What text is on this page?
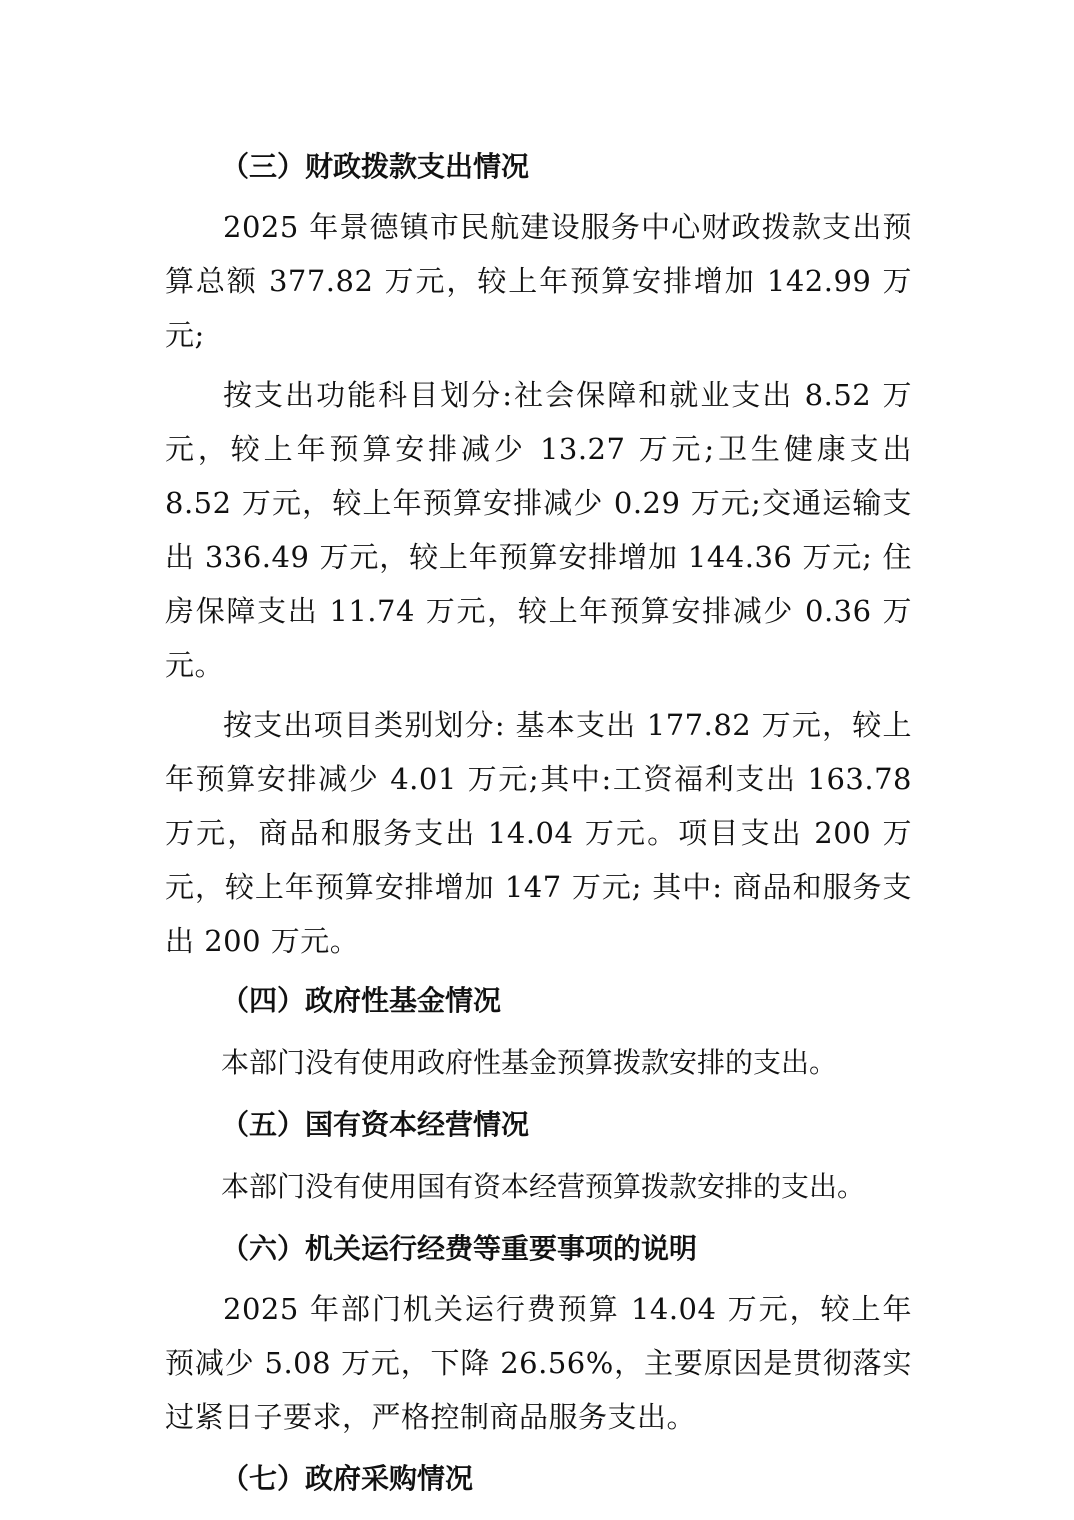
（三）财政拨款支出情况

2025 年景德镇市民航建设服务中心财政拨款支出预算总额 377.82 万元，较上年预算安排增加 142.99 万元;

按支出功能科目划分:社会保障和就业支出 8.52 万元，较上年预算安排减少 13.27 万元;卫生健康支出 8.52 万元，较上年预算安排减少 0.29 万元;交通运输支出 336.49 万元，较上年预算安排增加 144.36 万元; 住房保障支出 11.74 万元，较上年预算安排减少 0.36 万元。

按支出项目类别划分: 基本支出 177.82 万元，较上年预算安排减少 4.01 万元;其中:工资福利支出 163.78 万元，商品和服务支出 14.04 万元。项目支出 200 万元，较上年预算安排增加 147 万元; 其中: 商品和服务支出 200 万元。

（四）政府性基金情况

本部门没有使用政府性基金预算拨款安排的支出。

（五）国有资本经营情况

本部门没有使用国有资本经营预算拨款安排的支出。

（六）机关运行经费等重要事项的说明

2025 年部门机关运行费预算 14.04 万元，较上年预减少 5.08 万元，下降 26.56%，主要原因是贯彻落实过紧日子要求，严格控制商品服务支出。

（七）政府采购情况
